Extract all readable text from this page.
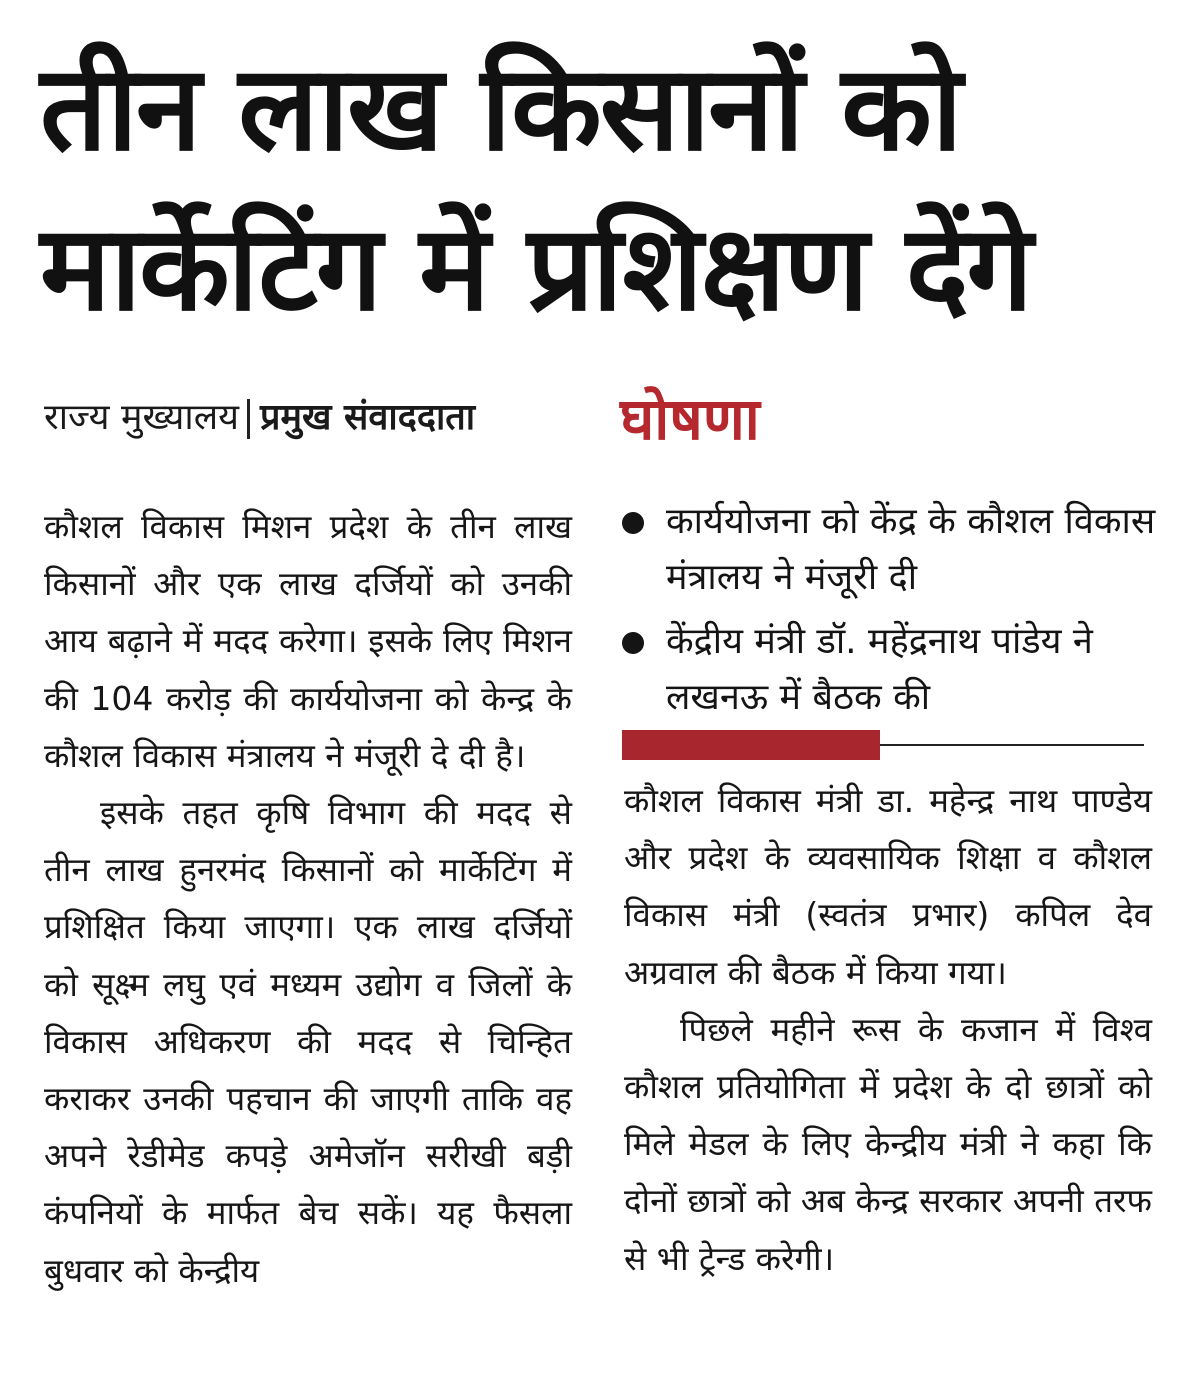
तीन लाख किसानों को
मार्केटिंग में प्रशिक्षण देंगे
राज्य मुख्यालय प्रमुख संवाददाता घोषणा

कौशल विकास मिशन प्रदेश के तीन लाख किसानों और एक लाख दर्जियों को उनकी आय बढ़ाने में मदद करेगा। इसके लिए मिशन की 104 करोड़ की कार्ययोजना को केन्द्र के कौशल विकास मंत्रालय ने मंजूरी दे दी है।

इसके तहत कृषि विभाग की मदद से तीन लाख हुनरमंद किसानों को मार्केटिंग में प्रशिक्षित किया जाएगा। एक लाख दर्जियों को सूक्ष्म लघु एवं मध्यम उद्योग व जिलों के विकास अधिकरण की मदद से चिन्हित कराकर उनकी पहचान की जाएगी ताकि वह अपने रेडीमेड कपड़े अमेजॉन सरीखी बड़ी कंपनियों के मार्फत बेच सकें। यह फैसला बुधवार को केन्द्रीय

कार्ययोजना को केंद्र के कौशल विकास मंत्रालय ने मंजूरी दी
केंद्रीय मंत्री डॉ. महेंद्रनाथ पांडेय ने लखनऊ में बैठक की

कौशल विकास मंत्री डा. महेन्द्र नाथ पाण्डेय और प्रदेश के व्यवसायिक शिक्षा व कौशल विकास मंत्री (स्वतंत्र प्रभार) कपिल देव अग्रवाल की बैठक में किया गया।

पिछले महीने रूस के कजान में विश्व कौशल प्रतियोगिता में प्रदेश के दो छात्रों को मिले मेडल के लिए केन्द्रीय मंत्री ने कहा कि दोनों छात्रों को अब केन्द्र सरकार अपनी तरफ से भी ट्रेन्ड करेगी।
